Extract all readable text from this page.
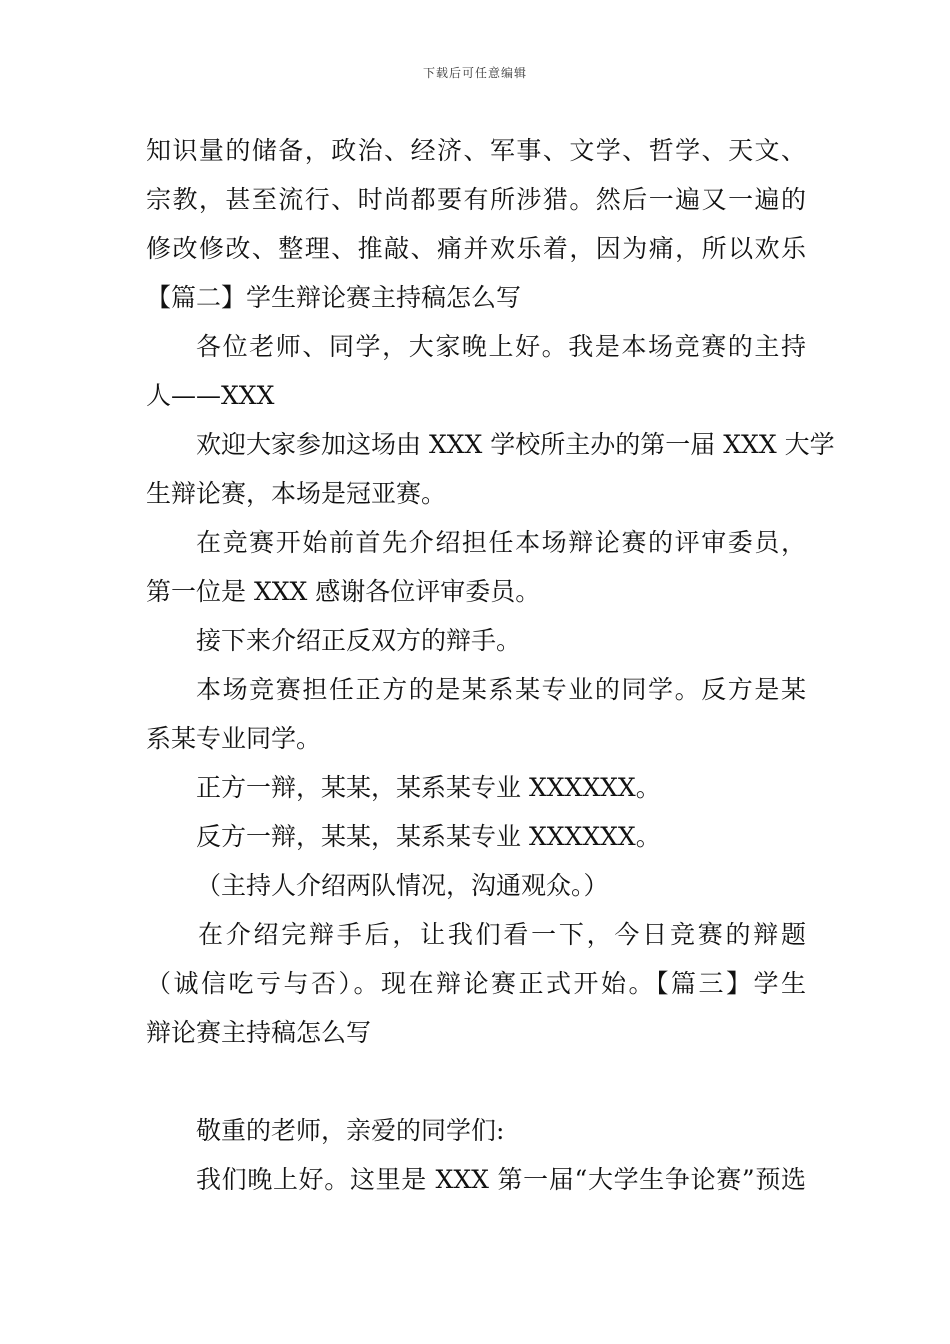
下载后可任意编辑
知识量的储备，政治、经济、军事、文学、哲学、天文、
宗教，甚至流行、时尚都要有所涉猎。然后一遍又一遍的
修改修改、整理、推敲、痛并欢乐着，因为痛，所以欢乐
【篇二】学生辩论赛主持稿怎么写
各位老师、同学，大家晚上好。我是本场竞赛的主持
人——XXX
欢迎大家参加这场由 XXX 学校所主办的第一届 XXX 大学
生辩论赛，本场是冠亚赛。
在竞赛开始前首先介绍担任本场辩论赛的评审委员，
第一位是 XXX 感谢各位评审委员。
接下来介绍正反双方的辩手。
本场竞赛担任正方的是某系某专业的同学。反方是某
系某专业同学。
正方一辩，某某，某系某专业 XXXXXX。
反方一辩，某某，某系某专业 XXXXXX。
（主持人介绍两队情况，沟通观众。）
在介绍完辩手后，让我们看一下，今日竞赛的辩题
（诚信吃亏与否）。现在辩论赛正式开始。【篇三】学生
辩论赛主持稿怎么写
敬重的老师，亲爱的同学们:
我们晚上好。这里是 XXX 第一届“大学生争论赛”预选
